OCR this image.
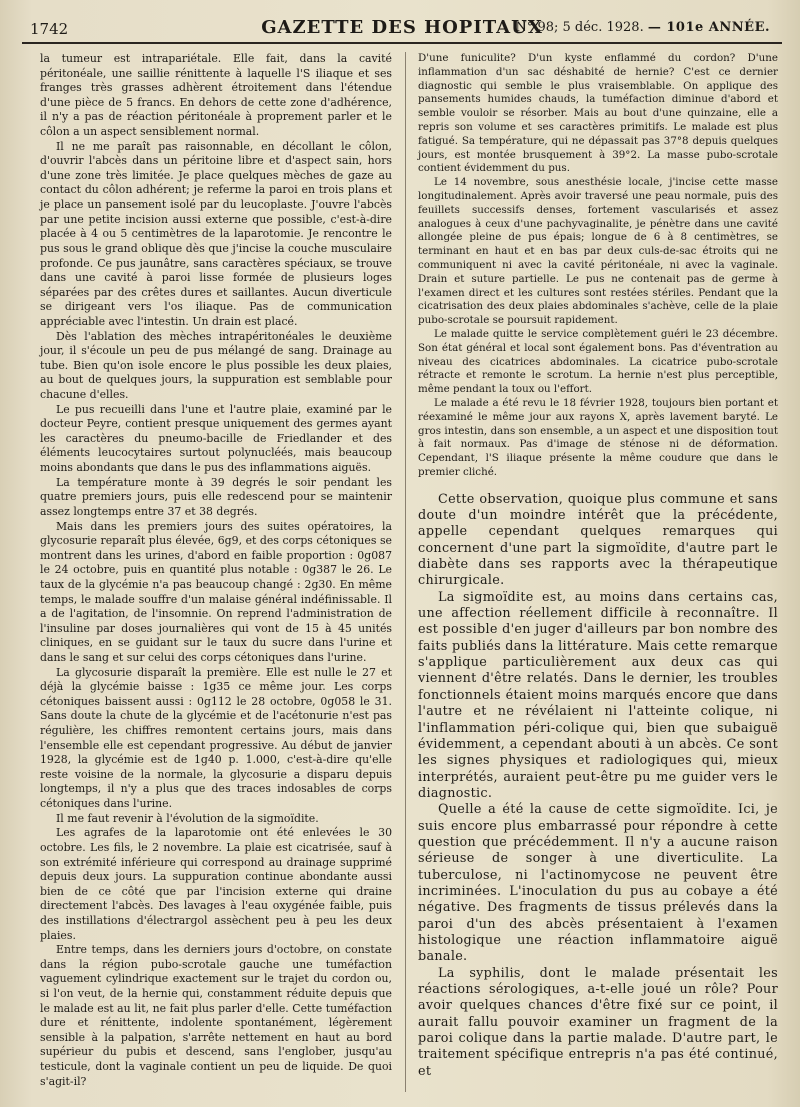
1742	GAZETTE DES HOPITAUX
N° 98; 5 déc. 1928. — 101e ANNÉE.

la tumeur est intrapariétale. Elle fait, dans la cavité péritonéale, une saillie rénittente à laquelle l'S iliaque et ses franges très grasses adhèrent étroitement dans l'étendue d'une pièce de 5 francs. En dehors de cette zone d'adhérence, il n'y a pas de réaction péritonéale à proprement parler et le côlon a un aspect sensiblement normal.

Il ne me paraît pas raisonnable, en décollant le côlon, d'ouvrir l'abcès dans un péritoine libre et d'aspect sain, hors d'une zone très limitée. Je place quelques mèches de gaze au contact du côlon adhérent; je referme la paroi en trois plans et je place un pansement isolé par du leucoplaste. J'ouvre l'abcès par une petite incision aussi externe que possible, c'est-à-dire placée à 4 ou 5 centimètres de la laparotomie. Je rencontre le pus sous le grand oblique dès que j'incise la couche musculaire profonde. Ce pus jaunâtre, sans caractères spéciaux, se trouve dans une cavité à paroi lisse formée de plusieurs loges séparées par des crêtes dures et saillantes. Aucun diverticule se dirigeant vers l'os iliaque. Pas de communication appréciable avec l'intestin. Un drain est placé.

Dès l'ablation des mèches intrapéritonéales le deuxième jour, il s'écoule un peu de pus mélangé de sang. Drainage au tube. Bien qu'on isole encore le plus possible les deux plaies, au bout de quelques jours, la suppuration est semblable pour chacune d'elles.

Le pus recueilli dans l'une et l'autre plaie, examiné par le docteur Peyre, contient presque uniquement des germes ayant les caractères du pneumo-bacille de Friedlander et des éléments leucocytaires surtout polynucléés, mais beaucoup moins abondants que dans le pus des inflammations aiguës.

La température monte à 39 degrés le soir pendant les quatre premiers jours, puis elle redescend pour se maintenir assez longtemps entre 37 et 38 degrés.

Mais dans les premiers jours des suites opératoires, la glycosurie reparaît plus élevée, 6g9, et des corps cétoniques se montrent dans les urines, d'abord en faible proportion : 0g087 le 24 octobre, puis en quantité plus notable : 0g387 le 26. Le taux de la glycémie n'a pas beaucoup changé : 2g30. En même temps, le malade souffre d'un malaise général indéfinissable. Il a de l'agitation, de l'insomnie. On reprend l'administration de l'insuline par doses journalières qui vont de 15 à 45 unités cliniques, en se guidant sur le taux du sucre dans l'urine et dans le sang et sur celui des corps cétoniques dans l'urine.

La glycosurie disparaît la première. Elle est nulle le 27 et déjà la glycémie baisse : 1g35 ce même jour. Les corps cétoniques baissent aussi : 0g112 le 28 octobre, 0g058 le 31. Sans doute la chute de la glycémie et de l'acétonurie n'est pas régulière, les chiffres remontent certains jours, mais dans l'ensemble elle est cependant progressive. Au début de janvier 1928, la glycémie est de 1g40 p. 1.000, c'est-à-dire qu'elle reste voisine de la normale, la glycosurie a disparu depuis longtemps, il n'y a plus que des traces indosables de corps cétoniques dans l'urine.

Il me faut revenir à l'évolution de la sigmoïdite.

Les agrafes de la laparotomie ont été enlevées le 30 octobre. Les fils, le 2 novembre. La plaie est cicatrisée, sauf à son extrémité inférieure qui correspond au drainage supprimé depuis deux jours. La suppuration continue abondante aussi bien de ce côté que par l'incision externe qui draine directement l'abcès. Des lavages à l'eau oxygénée faible, puis des instillations d'électrargol assèchent peu à peu les deux plaies.

Entre temps, dans les derniers jours d'octobre, on constate dans la région pubo-scrotale gauche une tuméfaction vaguement cylindrique exactement sur le trajet du cordon ou, si l'on veut, de la hernie qui, constamment réduite depuis que le malade est au lit, ne fait plus parler d'elle. Cette tuméfaction dure et rénittente, indolente spontanément, légèrement sensible à la palpation, s'arrête nettement en haut au bord supérieur du pubis et descend, sans l'englober, jusqu'au testicule, dont la vaginale contient un peu de liquide. De quoi s'agit-il?

D'une funiculite? D'un kyste enflammé du cordon? D'une inflammation d'un sac déshabité de hernie? C'est ce dernier diagnostic qui semble le plus vraisemblable. On applique des pansements humides chauds, la tuméfaction diminue d'abord et semble vouloir se résorber. Mais au bout d'une quinzaine, elle a repris son volume et ses caractères primitifs. Le malade est plus fatigué. Sa température, qui ne dépassait pas 37°8 depuis quelques jours, est montée brusquement à 39°2. La masse pubo-scrotale contient évidemment du pus.

Le 14 novembre, sous anesthésie locale, j'incise cette masse longitudinalement. Après avoir traversé une peau normale, puis des feuillets successifs denses, fortement vascularisés et assez analogues à ceux d'une pachyvaginalite, je pénètre dans une cavité allongée pleine de pus épais; longue de 6 à 8 centimètres, se terminant en haut et en bas par deux culs-de-sac étroits qui ne communiquent ni avec la cavité péritonéale, ni avec la vaginale. Drain et suture partielle. Le pus ne contenait pas de germe à l'examen direct et les cultures sont restées stériles. Pendant que la cicatrisation des deux plaies abdominales s'achève, celle de la plaie pubo-scrotale se poursuit rapidement.

Le malade quitte le service complètement guéri le 23 décembre. Son état général et local sont également bons. Pas d'éventration au niveau des cicatrices abdominales. La cicatrice pubo-scrotale rétracte et remonte le scrotum. La hernie n'est plus perceptible, même pendant la toux ou l'effort.

Le malade a été revu le 18 février 1928, toujours bien portant et réexaminé le même jour aux rayons X, après lavement baryté. Le gros intestin, dans son ensemble, a un aspect et une disposition tout à fait normaux. Pas d'image de sténose ni de déformation. Cependant, l'S iliaque présente la même coudure que dans le premier cliché.

Cette observation, quoique plus commune et sans doute d'un moindre intérêt que la précédente, appelle cependant quelques remarques qui concernent d'une part la sigmoïdite, d'autre part le diabète dans ses rapports avec la thérapeutique chirurgicale.

La sigmoïdite est, au moins dans certains cas, une affection réellement difficile à reconnaître. Il est possible d'en juger d'ailleurs par bon nombre des faits publiés dans la littérature. Mais cette remarque s'applique particulièrement aux deux cas qui viennent d'être relatés. Dans le dernier, les troubles fonctionnels étaient moins marqués encore que dans l'autre et ne révélaient ni l'atteinte colique, ni l'inflammation péri-colique qui, bien que subaiguë évidemment, a cependant abouti à un abcès. Ce sont les signes physiques et radiologiques qui, mieux interprétés, auraient peut-être pu me guider vers le diagnostic.

Quelle a été la cause de cette sigmoïdite. Ici, je suis encore plus embarrassé pour répondre à cette question que précédemment. Il n'y a aucune raison sérieuse de songer à une diverticulite. La tuberculose, ni l'actinomycose ne peuvent être incriminées. L'inoculation du pus au cobaye a été négative. Des fragments de tissus prélevés dans la paroi d'un des abcès présentaient à l'examen histologique une réaction inflammatoire aiguë banale.

La syphilis, dont le malade présentait les réactions sérologiques, a-t-elle joué un rôle? Pour avoir quelques chances d'être fixé sur ce point, il aurait fallu pouvoir examiner un fragment de la paroi colique dans la partie malade. D'autre part, le traitement spécifique entrepris n'a pas été continué, et
